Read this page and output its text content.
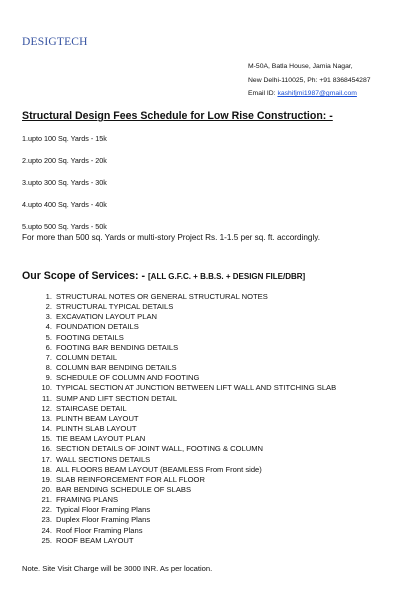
DESIGTECH
M-50A, Batla House, Jamia Nagar,
New Delhi-110025, Ph: +91 8368454287
Email ID: kashifjmi1987@gmail.com
Structural Design Fees Schedule for Low Rise Construction: -
1.upto 100 Sq. Yards - 15k
2.upto 200 Sq. Yards - 20k
3.upto 300 Sq. Yards - 30k
4.upto 400 Sq. Yards - 40k
5.upto 500 Sq. Yards - 50k
For more than 500 sq. Yards or multi-story Project Rs. 1-1.5 per sq. ft. accordingly.
Our Scope of Services: - [ALL G.F.C. + B.B.S. + DESIGN FILE/DBR]
1. STRUCTURAL NOTES OR GENERAL STRUCTURAL NOTES
2. STRUCTURAL TYPICAL DETAILS
3. EXCAVATION LAYOUT PLAN
4. FOUNDATION DETAILS
5. FOOTING DETAILS
6. FOOTING BAR BENDING DETAILS
7. COLUMN DETAIL
8. COLUMN BAR BENDING DETAILS
9. SCHEDULE OF COLUMN AND FOOTING
10. TYPICAL SECTION AT JUNCTION BETWEEN LIFT WALL AND STITCHING SLAB
11. SUMP AND LIFT SECTION DETAIL
12. STAIRCASE DETAIL
13. PLINTH BEAM LAYOUT
14. PLINTH SLAB LAYOUT
15. TIE BEAM LAYOUT PLAN
16. SECTION DETAILS OF JOINT WALL, FOOTING & COLUMN
17. WALL SECTIONS DETAILS
18. ALL FLOORS BEAM LAYOUT (BEAMLESS From Front side)
19. SLAB REINFORCEMENT FOR ALL FLOOR
20. BAR BENDING SCHEDULE OF SLABS
21. FRAMING PLANS
22. Typical Floor Framing Plans
23. Duplex Floor Framing Plans
24. Roof Floor Framing Plans
25. ROOF BEAM LAYOUT
Note. Site Visit Charge will be 3000 INR. As per location.
